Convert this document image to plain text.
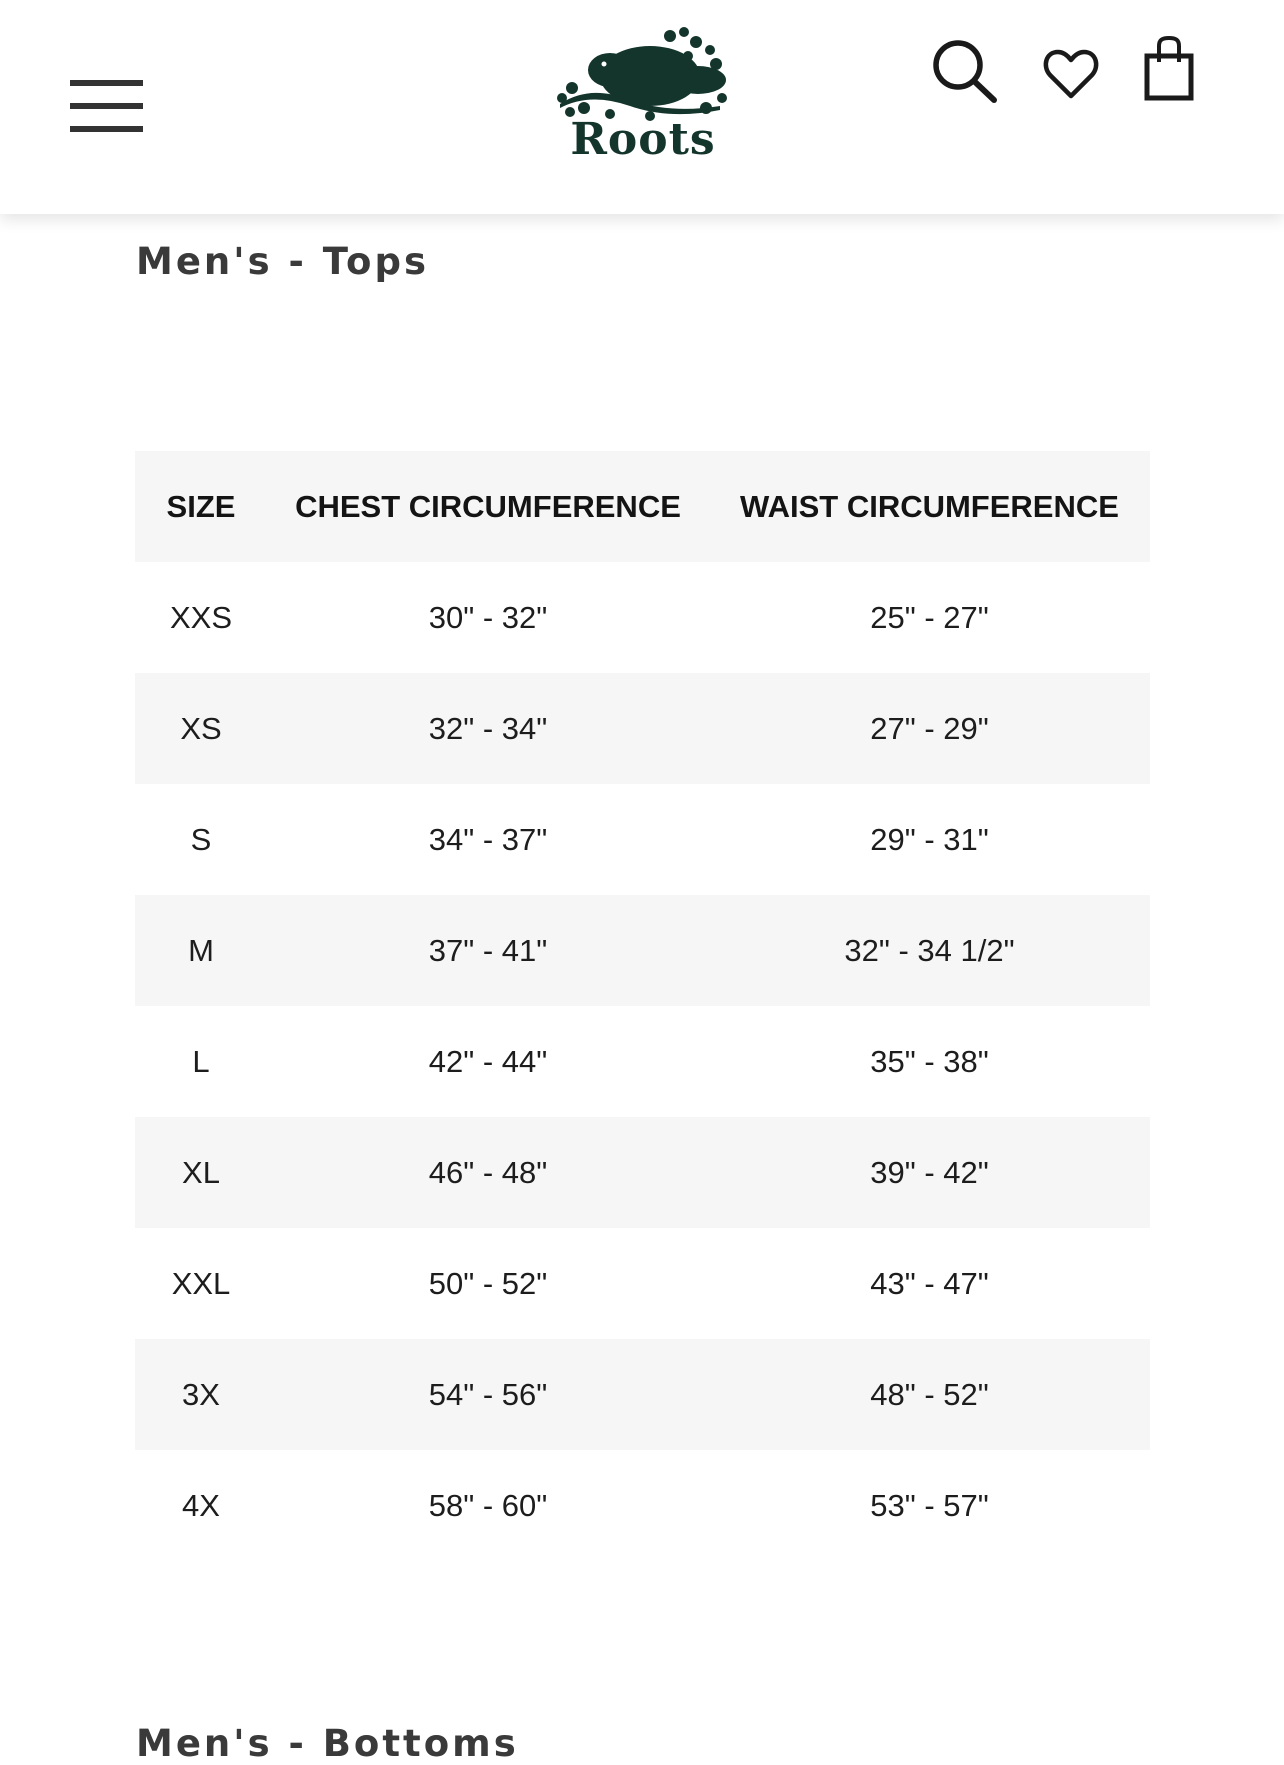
Roots
Men's - Tops
SIZE	CHEST CIRCUMFERENCE	WAIST CIRCUMFERENCE
XXS	30" - 32"	25" - 27"
XS	32" - 34"	27" - 29"
S	34" - 37"	29" - 31"
M	37" - 41"	32" - 34 1/2"
L	42" - 44"	35" - 38"
XL	46" - 48"	39" - 42"
XXL	50" - 52"	43" - 47"
3X	54" - 56"	48" - 52"
4X	58" - 60"	53" - 57"
Men's - Bottoms
